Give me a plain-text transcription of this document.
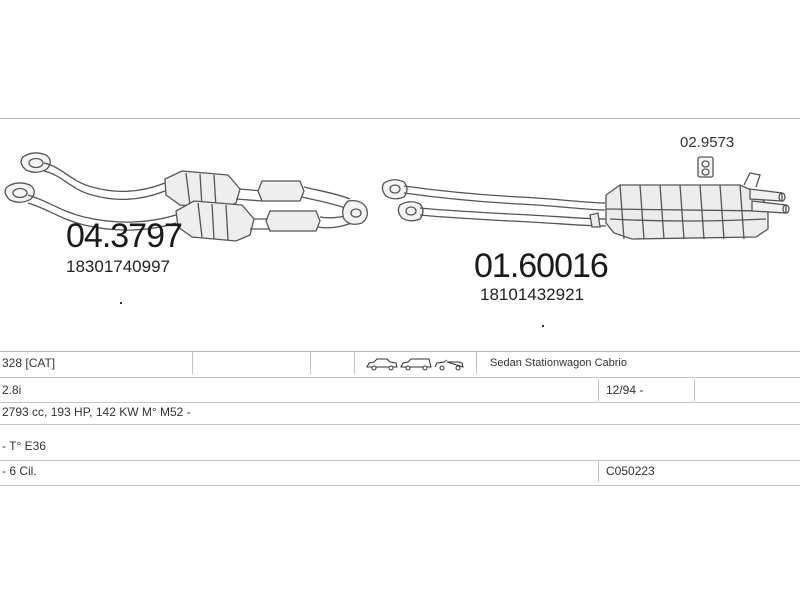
02.9573
04.3797
18301740997	01.60016
18101432921
328 [CAT]	Sedan Stationwagon Cabrio
2.8i	12/94 -
2793 cc, 193 HP, 142 KW M° M52 -
- T° E36
- 6 Cil.	C050223
